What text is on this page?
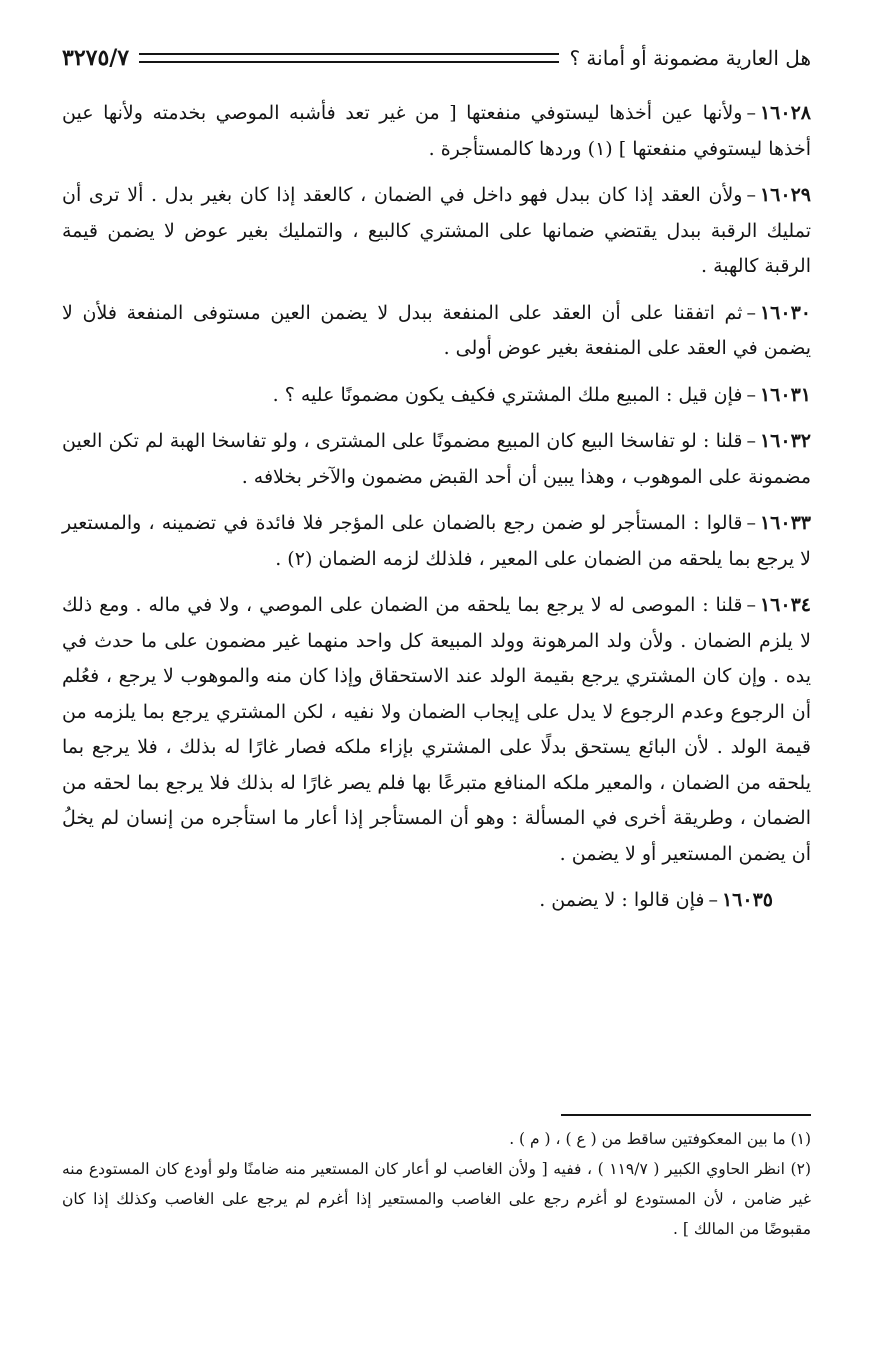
هل العارية مضمونة أو أمانة ؟
٣٢٧٥/٧

١٦٠٢٨–ولأنها عين أخذها ليستوفي منفعتها [ من غير تعد فأشبه الموصي بخدمته ولأنها عين أخذها ليستوفي منفعتها ] (١) وردها كالمستأجرة .

١٦٠٢٩–ولأن العقد إذا كان ببدل فهو داخل في الضمان ، كالعقد إذا كان بغير بدل . ألا ترى أن تمليك الرقبة ببدل يقتضي ضمانها على المشتري كالبيع ، والتمليك بغير عوض لا يضمن قيمة الرقبة كالهبة .

١٦٠٣٠–ثم اتفقنا على أن العقد على المنفعة ببدل لا يضمن العين مستوفى المنفعة فلأن لا يضمن في العقد على المنفعة بغير عوض أولى .

١٦٠٣١–فإن قيل : المبيع ملك المشتري فكيف يكون مضمونًا عليه ؟ .

١٦٠٣٢–قلنا : لو تفاسخا البيع كان المبيع مضمونًا على المشترى ، ولو تفاسخا الهبة لم تكن العين مضمونة على الموهوب ، وهذا يبين أن أحد القبض مضمون والآخر بخلافه .

١٦٠٣٣–قالوا : المستأجر لو ضمن رجع بالضمان على المؤجر فلا فائدة في تضمينه ، والمستعير لا يرجع بما يلحقه من الضمان على المعير ، فلذلك لزمه الضمان (٢) .

١٦٠٣٤–قلنا : الموصى له لا يرجع بما يلحقه من الضمان على الموصي ، ولا في ماله . ومع ذلك لا يلزم الضمان . ولأن ولد المرهونة وولد المبيعة كل واحد منهما غير مضمون على ما حدث في يده . وإن كان المشتري يرجع بقيمة الولد عند الاستحقاق وإذا كان منه والموهوب لا يرجع ، فعُلم أن الرجوع وعدم الرجوع لا يدل على إيجاب الضمان ولا نفيه ، لكن المشتري يرجع بما يلزمه من قيمة الولد . لأن البائع يستحق بدلًا على المشتري بإزاء ملكه فصار غارًا له بذلك ، فلا يرجع بما يلحقه من الضمان ، والمعير ملكه المنافع متبرعًا بها فلم يصر غارًا له بذلك فلا يرجع بما لحقه من الضمان ، وطريقة أخرى في المسألة : وهو أن المستأجر إذا أعار ما استأجره من إنسان لم يخلُ أن يضمن المستعير أو لا يضمن .

١٦٠٣٥–فإن قالوا : لا يضمن .

(١) ما بين المعكوفتين ساقط من ( ع ) ، ( م ) .

(٢) انظر الحاوي الكبير ( ١١٩/٧ ) ، ففيه [ ولأن الغاصب لو أعار كان المستعير منه ضامنًا ولو أودع كان المستودع منه غير ضامن ، لأن المستودع لو أغرم رجع على الغاصب والمستعير إذا أغرم لم يرجع على الغاصب وكذلك إذا كان مقبوضًا من المالك ] .
